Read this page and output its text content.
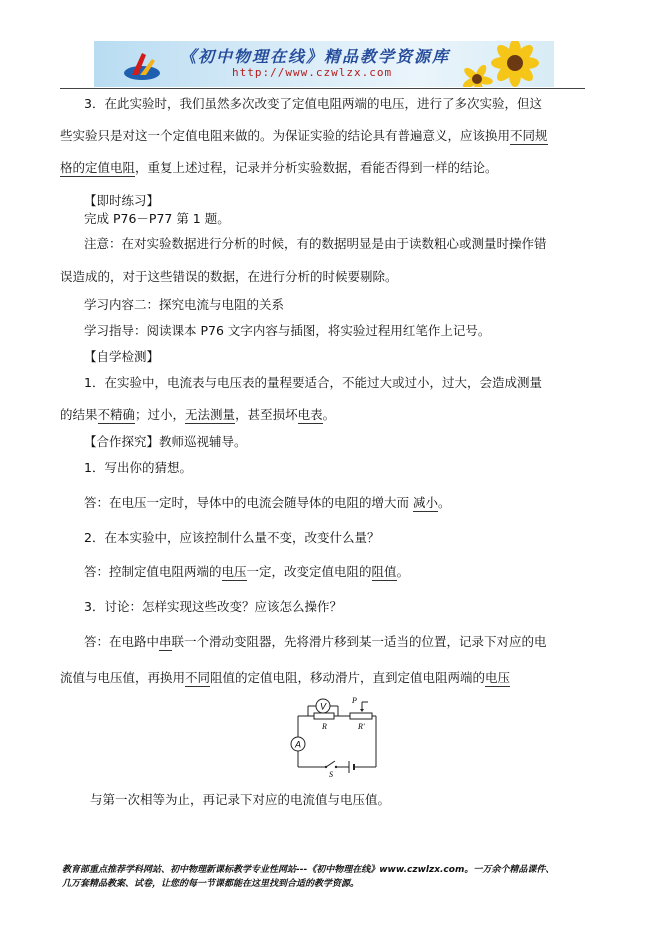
《初中物理在线》精品教学资源库
http://www.czwlzx.com
3．在此实验时，我们虽然多次改变了定值电阻两端的电压，进行了多次实验，但这
些实验只是对这一个定值电阻来做的。为保证实验的结论具有普遍意义，应该换用不同规
格的定值电阻，重复上述过程，记录并分析实验数据，看能否得到一样的结论。
【即时练习】
完成 P76－P77 第 1 题。
注意：在对实验数据进行分析的时候，有的数据明显是由于读数粗心或测量时操作错
误造成的，对于这些错误的数据，在进行分析的时候要剔除。
学习内容二：探究电流与电阻的关系
学习指导：阅读课本 P76 文字内容与插图，将实验过程用红笔作上记号。
【自学检测】
1．在实验中，电流表与电压表的量程要适合，不能过大或过小，过大，会造成测量
的结果不精确；过小，无法测量，甚至损坏电表。
【合作探究】教师巡视辅导。
1．写出你的猜想。
答：在电压一定时，导体中的电流会随导体的电阻的增大而 减小。
2．在本实验中，应该控制什么量不变，改变什么量？
答：控制定值电阻两端的电压一定，改变定值电阻的阻值。
3．讨论：怎样实现这些改变？应该怎么操作？
答：在电路中串联一个滑动变阻器，先将滑片移到某一适当的位置，记录下对应的电
流值与电压值，再换用不同阻值的定值电阻，移动滑片，直到定值电阻两端的电压
与第一次相等为止，再记录下对应的电流值与电压值。
V
R
P
R'
A
S
教育部重点推荐学科网站、初中物理新课标教学专业性网站---《初中物理在线》www.czwlzx.com。一万余个精品课件、
几万套精品教案、试卷，让您的每一节课都能在这里找到合适的教学资源。
